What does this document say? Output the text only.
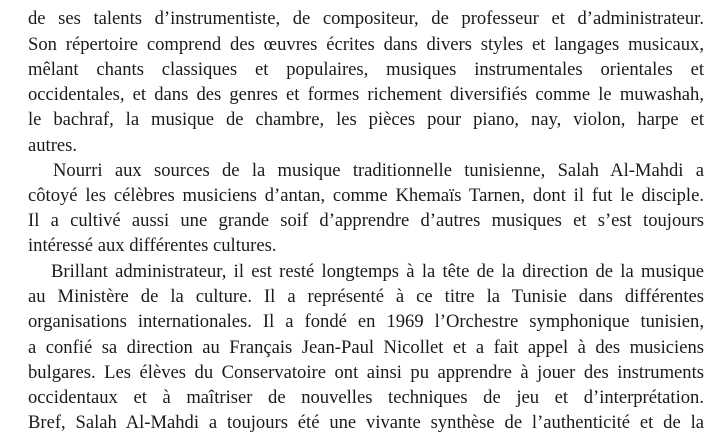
de ses talents d’instrumentiste, de compositeur, de professeur et d’administrateur.
Son répertoire comprend des œuvres écrites dans divers styles et langages musicaux,
mêlant chants classiques et populaires, musiques instrumentales orientales et
occidentales, et dans des genres et formes richement diversifiés comme le muwashah,
le bachraf, la musique de chambre, les pièces pour piano, nay, violon, harpe et
autres.
Nourri aux sources de la musique traditionnelle tunisienne, Salah Al-Mahdi a
côtoyé les célèbres musiciens d’antan, comme Khemaïs Tarnen, dont il fut le disciple.
Il a cultivé aussi une grande soif d’apprendre d’autres musiques et s’est toujours
intéressé aux différentes cultures.
Brillant administrateur, il est resté longtemps à la tête de la direction de la musique
au Ministère de la culture. Il a représenté à ce titre la Tunisie dans différentes
organisations internationales. Il a fondé en 1969 l’Orchestre symphonique tunisien,
a confié sa direction au Français Jean-Paul Nicollet et a fait appel à des musiciens
bulgares. Les élèves du Conservatoire ont ainsi pu apprendre à jouer des instruments
occidentaux et à maîtriser de nouvelles techniques de jeu et d’interprétation.
Bref, Salah Al-Mahdi a toujours été une vivante synthèse de l’authenticité et de la
